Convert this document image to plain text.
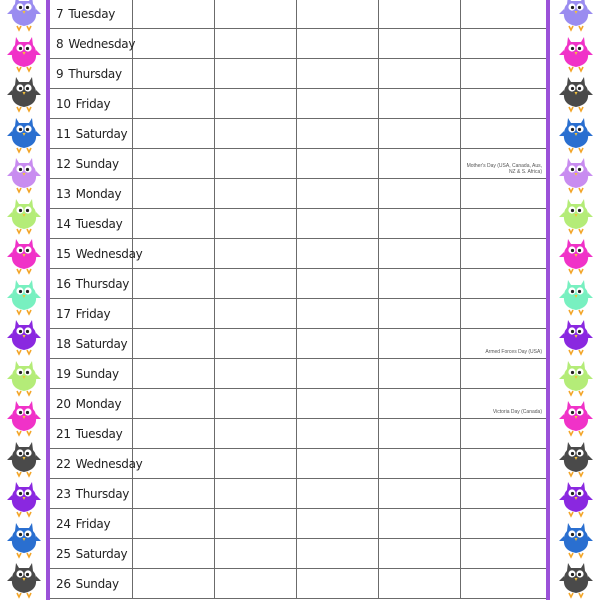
7 Tuesday					
8 Wednesday					
9 Thursday					
10 Friday					
11 Saturday					
12 Sunday					Mother's Day (USA, Canada, Aus, NZ & S. Africa)

13 Monday					
14 Tuesday					
15 Wednesday					
16 Thursday					
17 Friday					
18 Saturday					Armed Forces Day (USA)

19 Sunday					
20 Monday					Victoria Day (Canada)

21 Tuesday					
22 Wednesday					
23 Thursday					
24 Friday					
25 Saturday					
26 Sunday					
